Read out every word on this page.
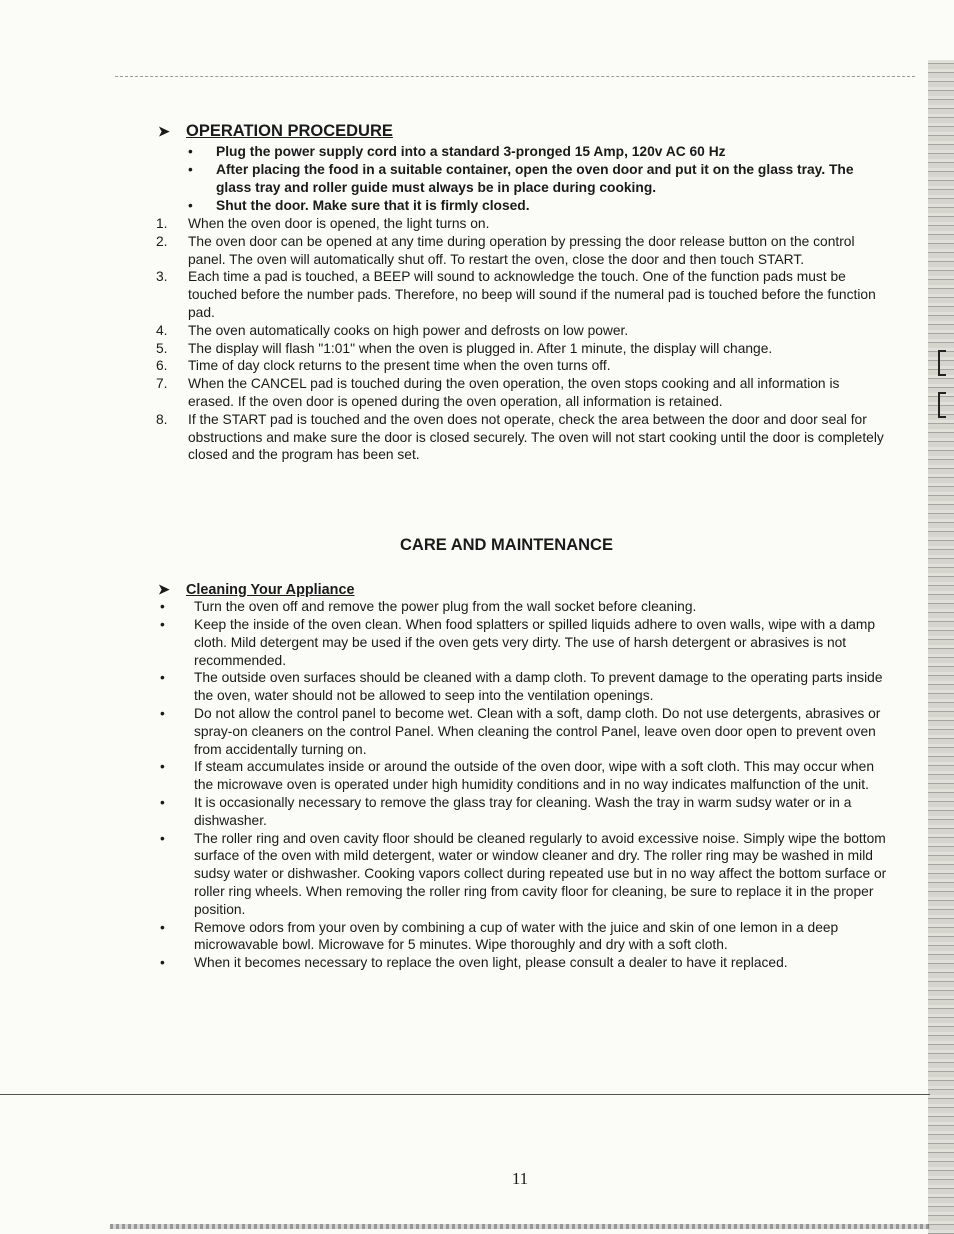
➤ OPERATION PROCEDURE
• Plug the power supply cord into a standard 3-pronged 15 Amp, 120v AC 60 Hz
• After placing the food in a suitable container, open the oven door and put it on the glass tray. The glass tray and roller guide must always be in place during cooking.
• Shut the door. Make sure that it is firmly closed.
1. When the oven door is opened, the light turns on.
2. The oven door can be opened at any time during operation by pressing the door release button on the control panel. The oven will automatically shut off. To restart the oven, close the door and then touch START.
3. Each time a pad is touched, a BEEP will sound to acknowledge the touch. One of the function pads must be touched before the number pads. Therefore, no beep will sound if the numeral pad is touched before the function pad.
4. The oven automatically cooks on high power and defrosts on low power.
5. The display will flash "1:01" when the oven is plugged in. After 1 minute, the display will change.
6. Time of day clock returns to the present time when the oven turns off.
7. When the CANCEL pad is touched during the oven operation, the oven stops cooking and all information is erased. If the oven door is opened during the oven operation, all information is retained.
8. If the START pad is touched and the oven does not operate, check the area between the door and door seal for obstructions and make sure the door is closed securely. The oven will not start cooking until the door is completely closed and the program has been set.
CARE AND MAINTENANCE
➤ Cleaning Your Appliance
• Turn the oven off and remove the power plug from the wall socket before cleaning.
• Keep the inside of the oven clean. When food splatters or spilled liquids adhere to oven walls, wipe with a damp cloth. Mild detergent may be used if the oven gets very dirty. The use of harsh detergent or abrasives is not recommended.
• The outside oven surfaces should be cleaned with a damp cloth. To prevent damage to the operating parts inside the oven, water should not be allowed to seep into the ventilation openings.
• Do not allow the control panel to become wet. Clean with a soft, damp cloth. Do not use detergents, abrasives or spray-on cleaners on the control Panel. When cleaning the control Panel, leave oven door open to prevent oven from accidentally turning on.
• If steam accumulates inside or around the outside of the oven door, wipe with a soft cloth. This may occur when the microwave oven is operated under high humidity conditions and in no way indicates malfunction of the unit.
• It is occasionally necessary to remove the glass tray for cleaning. Wash the tray in warm sudsy water or in a dishwasher.
• The roller ring and oven cavity floor should be cleaned regularly to avoid excessive noise. Simply wipe the bottom surface of the oven with mild detergent, water or window cleaner and dry. The roller ring may be washed in mild sudsy water or dishwasher. Cooking vapors collect during repeated use but in no way affect the bottom surface or roller ring wheels. When removing the roller ring from cavity floor for cleaning, be sure to replace it in the proper position.
• Remove odors from your oven by combining a cup of water with the juice and skin of one lemon in a deep microwavable bowl. Microwave for 5 minutes. Wipe thoroughly and dry with a soft cloth.
• When it becomes necessary to replace the oven light, please consult a dealer to have it replaced.
11
